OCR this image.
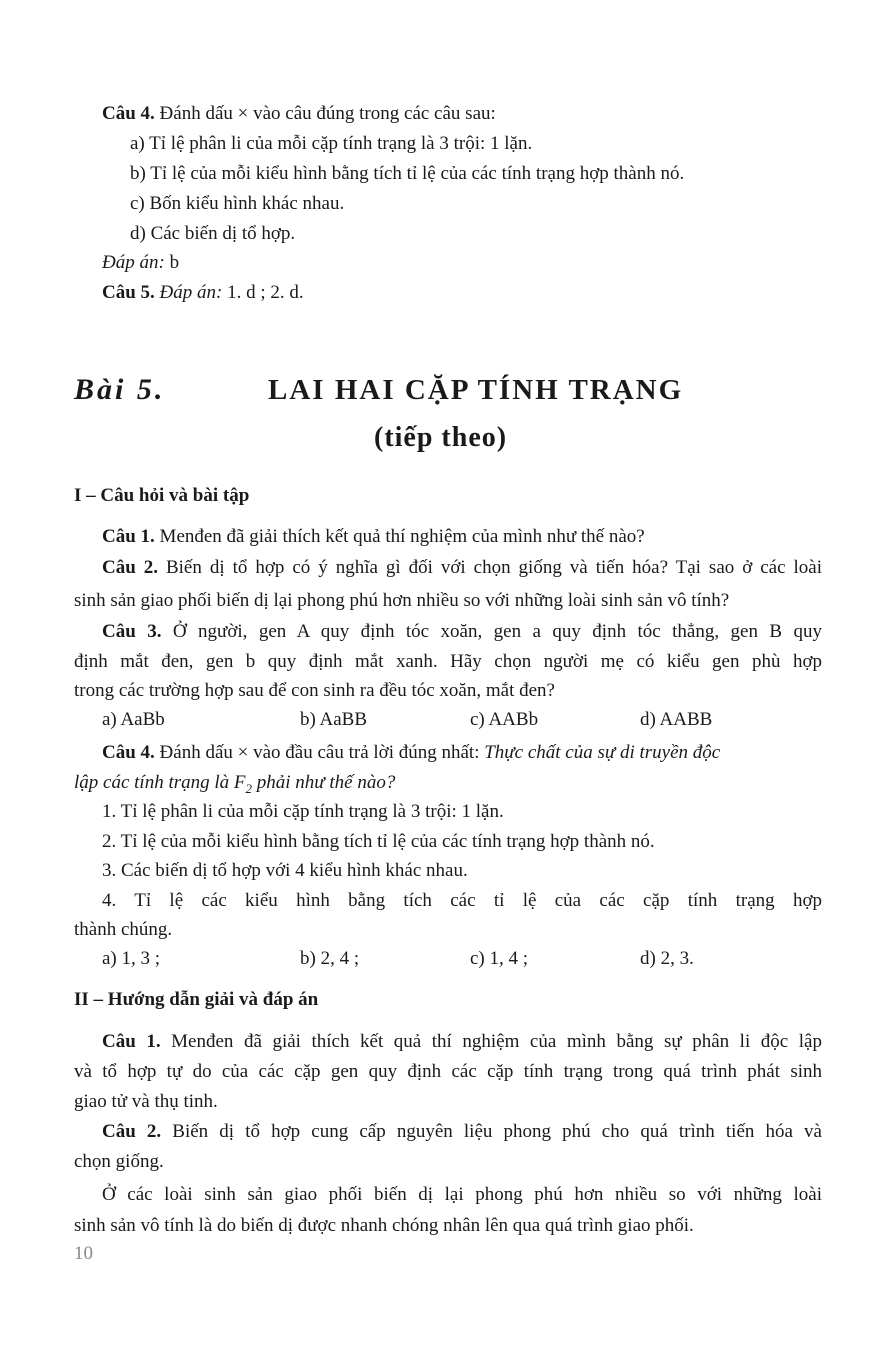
Câu 4. Đánh dấu × vào câu đúng trong các câu sau:
a) Tỉ lệ phân li của mỗi cặp tính trạng là 3 trội: 1 lặn.
b) Tỉ lệ của mỗi kiểu hình bằng tích tỉ lệ của các tính trạng hợp thành nó.
c) Bốn kiểu hình khác nhau.
d) Các biến dị tổ hợp.
Đáp án: b
Câu 5. Đáp án: 1. d ; 2. d.
Bài 5.	LAI HAI CẶP TÍNH TRẠNG
(tiếp theo)
I – Câu hỏi và bài tập
Câu 1. Menđen đã giải thích kết quả thí nghiệm của mình như thế nào?
Câu 2. Biến dị tổ hợp có ý nghĩa gì đối với chọn giống và tiến hóa? Tại sao ở các loài
sinh sản giao phối biến dị lại phong phú hơn nhiều so với những loài sinh sản vô tính?
Câu 3. Ở người, gen A quy định tóc xoăn, gen a quy định tóc thẳng, gen B quy
định mắt đen, gen b quy định mắt xanh. Hãy chọn người mẹ có kiểu gen phù hợp
trong các trường hợp sau để con sinh ra đều tóc xoăn, mắt đen?
a) AaBb	b) AaBB	c) AABb	d) AABB
Câu 4. Đánh dấu × vào đầu câu trả lời đúng nhất: Thực chất của sự di truyền độc
lập các tính trạng là $F_2$ phải như thế nào?
1. Tỉ lệ phân li của mỗi cặp tính trạng là 3 trội: 1 lặn.
2. Tỉ lệ của mỗi kiểu hình bằng tích tỉ lệ của các tính trạng hợp thành nó.
3. Các biến dị tổ hợp với 4 kiểu hình khác nhau.
4. Tỉ lệ các kiểu hình bằng tích các tỉ lệ của các cặp tính trạng hợp
thành chúng.
a) 1, 3 ;	b) 2, 4 ;	c) 1, 4 ;	d) 2, 3.
II – Hướng dẫn giải và đáp án
Câu 1. Menđen đã giải thích kết quả thí nghiệm của mình bằng sự phân li độc lập
và tổ hợp tự do của các cặp gen quy định các cặp tính trạng trong quá trình phát sinh
giao tử và thụ tinh.
Câu 2. Biến dị tổ hợp cung cấp nguyên liệu phong phú cho quá trình tiến hóa và
chọn giống.
Ở các loài sinh sản giao phối biến dị lại phong phú hơn nhiều so với những loài
sinh sản vô tính là do biến dị được nhanh chóng nhân lên qua quá trình giao phối.
10
